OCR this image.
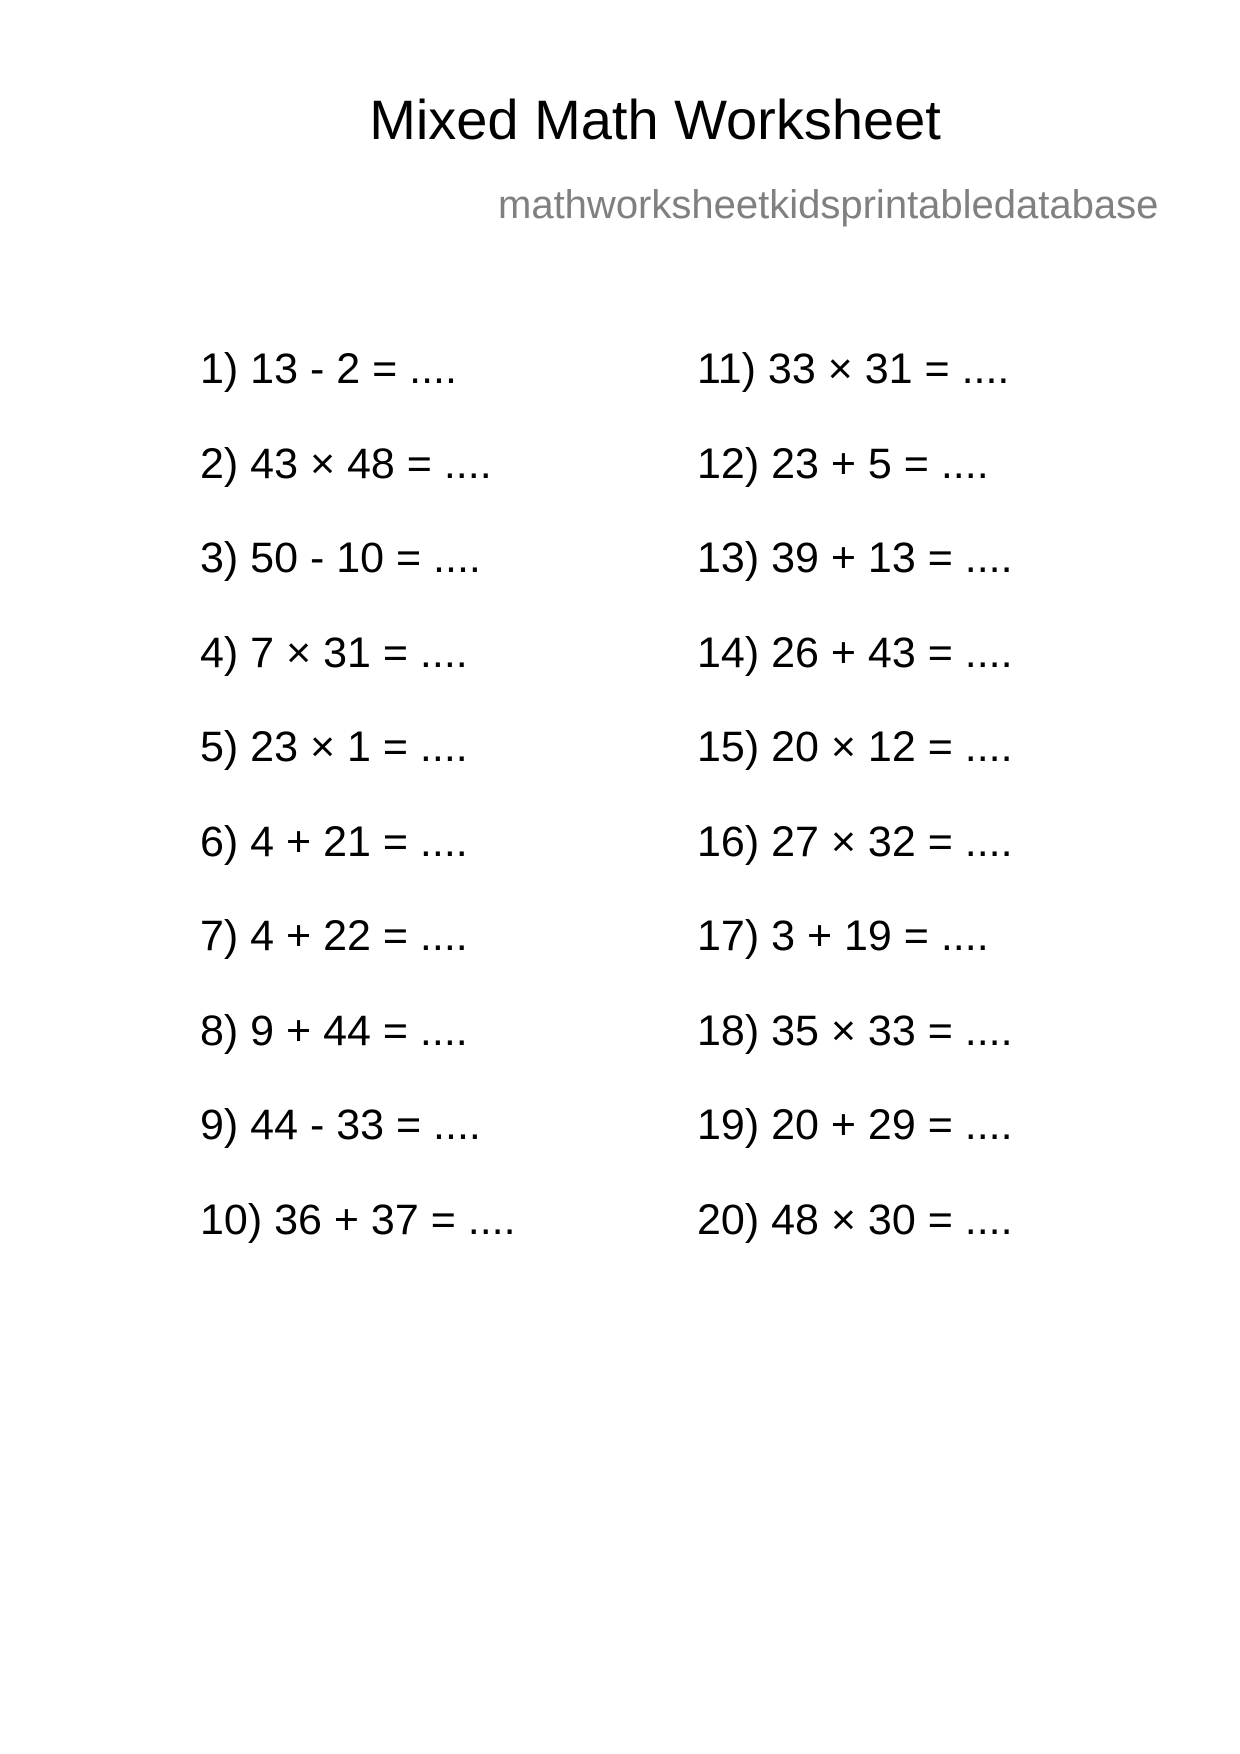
Mixed Math Worksheet
mathworksheetkidsprintabledatabase
1) 13 - 2 = ....
2) 43 × 48 = ....
3) 50 - 10 = ....
4) 7 × 31 = ....
5) 23 × 1 = ....
6) 4 + 21 = ....
7) 4 + 22 = ....
8) 9 + 44 = ....
9) 44 - 33 = ....
10) 36 + 37 = ....
11) 33 × 31 = ....
12) 23 + 5 = ....
13) 39 + 13 = ....
14) 26 + 43 = ....
15) 20 × 12 = ....
16) 27 × 32 = ....
17) 3 + 19 = ....
18) 35 × 33 = ....
19) 20 + 29 = ....
20) 48 × 30 = ....
